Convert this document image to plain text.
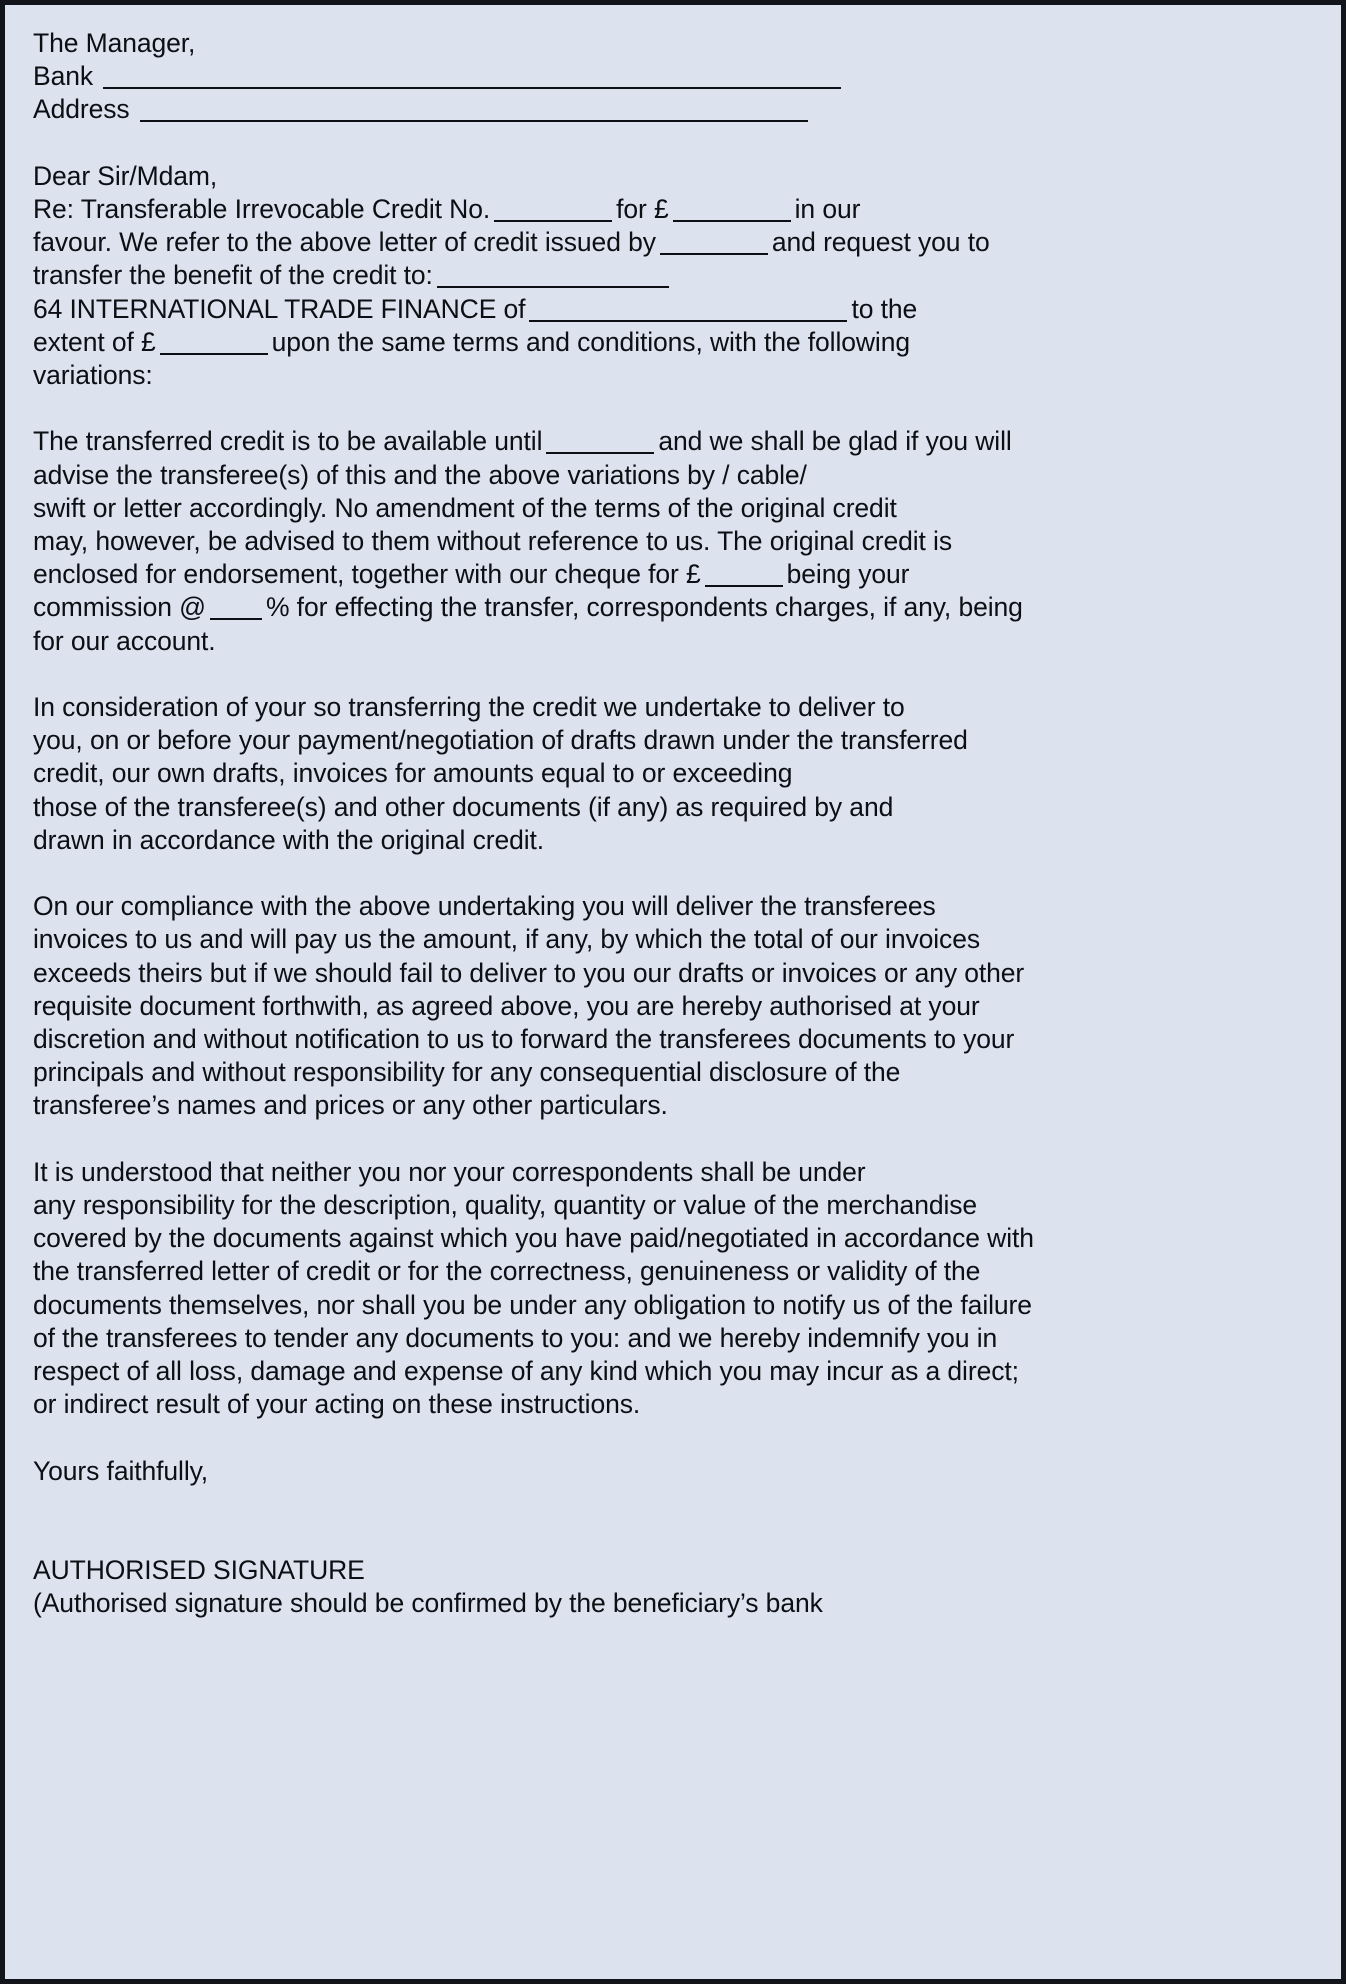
The Manager,
Bank
Address
Dear Sir/Mdam,
Re: Transferable Irrevocable Credit No.	for £	in our
favour. We refer to the above letter of credit issued by	and request you to
transfer the benefit of the credit to:
64 INTERNATIONAL TRADE FINANCE of	to the
extent of £	upon the same terms and conditions, with the following
variations:
The transferred credit is to be available until	and we shall be glad if you will
advise the transferee(s) of this and the above variations by / cable/
swift or letter accordingly. No amendment of the terms of the original credit
may, however, be advised to them without reference to us. The original credit is
enclosed for endorsement, together with our cheque for £	being your
commission @ % for effecting the transfer, correspondents charges, if any, being
for our account.
In consideration of your so transferring the credit we undertake to deliver to
you, on or before your payment/negotiation of drafts drawn under the transferred
credit, our own drafts, invoices for amounts equal to or exceeding
those of the transferee(s) and other documents (if any) as required by and
drawn in accordance with the original credit.
On our compliance with the above undertaking you will deliver the transferees
invoices to us and will pay us the amount, if any, by which the total of our invoices
exceeds theirs but if we should fail to deliver to you our drafts or invoices or any other
requisite document forthwith, as agreed above, you are hereby authorised at your
discretion and without notification to us to forward the transferees documents to your
principals and without responsibility for any consequential disclosure of the
transferee’s names and prices or any other particulars.
It is understood that neither you nor your correspondents shall be under
any responsibility for the description, quality, quantity or value of the merchandise
covered by the documents against which you have paid/negotiated in accordance with
the transferred letter of credit or for the correctness, genuineness or validity of the
documents themselves, nor shall you be under any obligation to notify us of the failure
of the transferees to tender any documents to you: and we hereby indemnify you in
respect of all loss, damage and expense of any kind which you may incur as a direct;
or indirect result of your acting on these instructions.
Yours faithfully,
AUTHORISED SIGNATURE
(Authorised signature should be confirmed by the beneficiary’s bank
